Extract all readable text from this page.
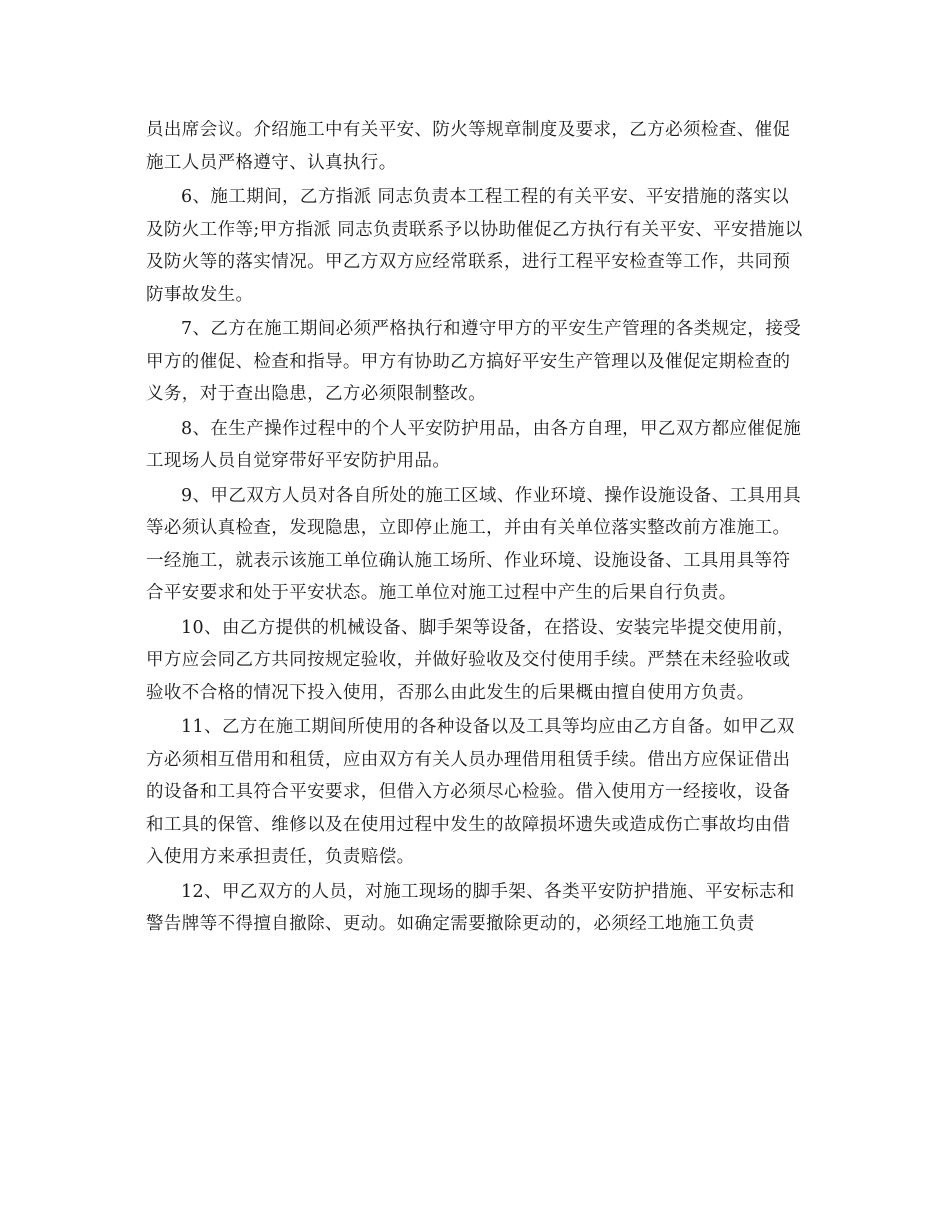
员出席会议。介绍施工中有关平安、防火等规章制度及要求，乙方必须检查、催促施工人员严格遵守、认真执行。

6、施工期间，乙方指派 同志负责本工程工程的有关平安、平安措施的落实以及防火工作等;甲方指派 同志负责联系予以协助催促乙方执行有关平安、平安措施以及防火等的落实情况。甲乙方双方应经常联系，进行工程平安检查等工作，共同预防事故发生。

7、乙方在施工期间必须严格执行和遵守甲方的平安生产管理的各类规定，接受甲方的催促、检查和指导。甲方有协助乙方搞好平安生产管理以及催促定期检查的义务，对于查出隐患，乙方必须限制整改。

8、在生产操作过程中的个人平安防护用品，由各方自理，甲乙双方都应催促施工现场人员自觉穿带好平安防护用品。

9、甲乙双方人员对各自所处的施工区域、作业环境、操作设施设备、工具用具等必须认真检查，发现隐患，立即停止施工，并由有关单位落实整改前方准施工。一经施工，就表示该施工单位确认施工场所、作业环境、设施设备、工具用具等符合平安要求和处于平安状态。施工单位对施工过程中产生的后果自行负责。

10、由乙方提供的机械设备、脚手架等设备，在搭设、安装完毕提交使用前，甲方应会同乙方共同按规定验收，并做好验收及交付使用手续。严禁在未经验收或验收不合格的情况下投入使用，否那么由此发生的后果概由擅自使用方负责。

11、乙方在施工期间所使用的各种设备以及工具等均应由乙方自备。如甲乙双方必须相互借用和租赁，应由双方有关人员办理借用租赁手续。借出方应保证借出的设备和工具符合平安要求，但借入方必须尽心检验。借入使用方一经接收，设备和工具的保管、维修以及在使用过程中发生的故障损坏遗失或造成伤亡事故均由借入使用方来承担责任，负责赔偿。

12、甲乙双方的人员，对施工现场的脚手架、各类平安防护措施、平安标志和警告牌等不得擅自撤除、更动。如确定需要撤除更动的，必须经工地施工负责
